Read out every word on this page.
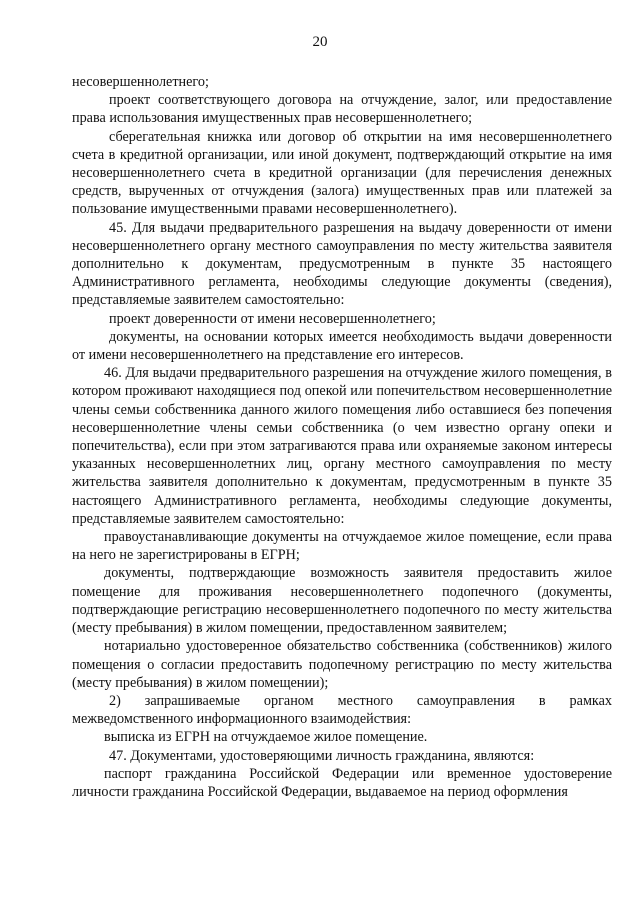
20

несовершеннолетнего;

проект соответствующего договора на отчуждение, залог, или предоставление права использования имущественных прав несовершеннолетнего;

сберегательная книжка или договор об открытии на имя несовершеннолетнего счета в кредитной организации, или иной документ, подтверждающий открытие на имя несовершеннолетнего счета в кредитной организации (для перечисления денежных средств, вырученных от отчуждения (залога) имущественных прав или платежей за пользование имущественными правами несовершеннолетнего).

45. Для выдачи предварительного разрешения на выдачу доверенности от имени несовершеннолетнего органу местного самоуправления по месту жительства заявителя дополнительно к документам, предусмотренным в пункте 35 настоящего Административного регламента, необходимы следующие документы (сведения), представляемые заявителем самостоятельно:

проект доверенности от имени несовершеннолетнего;

документы, на основании которых имеется необходимость выдачи доверенности от имени несовершеннолетнего на представление его интересов.

46. Для выдачи предварительного разрешения на отчуждение жилого помещения, в котором проживают находящиеся под опекой или попечительством несовершеннолетние члены семьи собственника данного жилого помещения либо оставшиеся без попечения несовершеннолетние члены семьи собственника (о чем известно органу опеки и попечительства), если при этом затрагиваются права или охраняемые законом интересы указанных несовершеннолетних лиц, органу местного самоуправления по месту жительства заявителя дополнительно к документам, предусмотренным в пункте 35 настоящего Административного регламента, необходимы следующие документы, представляемые заявителем самостоятельно:

правоустанавливающие документы на отчуждаемое жилое помещение, если права на него не зарегистрированы в ЕГРН;

документы, подтверждающие возможность заявителя предоставить жилое помещение для проживания несовершеннолетнего подопечного (документы, подтверждающие регистрацию несовершеннолетнего подопечного по месту жительства (месту пребывания) в жилом помещении, предоставленном заявителем;

нотариально удостоверенное обязательство собственника (собственников) жилого помещения о согласии предоставить подопечному регистрацию по месту жительства (месту пребывания) в жилом помещении);

2) запрашиваемые органом местного самоуправления в рамках межведомственного информационного взаимодействия:

выписка из ЕГРН на отчуждаемое жилое помещение.

47. Документами, удостоверяющими личность гражданина, являются:

паспорт гражданина Российской Федерации или временное удостоверение личности гражданина Российской Федерации, выдаваемое на период оформления
